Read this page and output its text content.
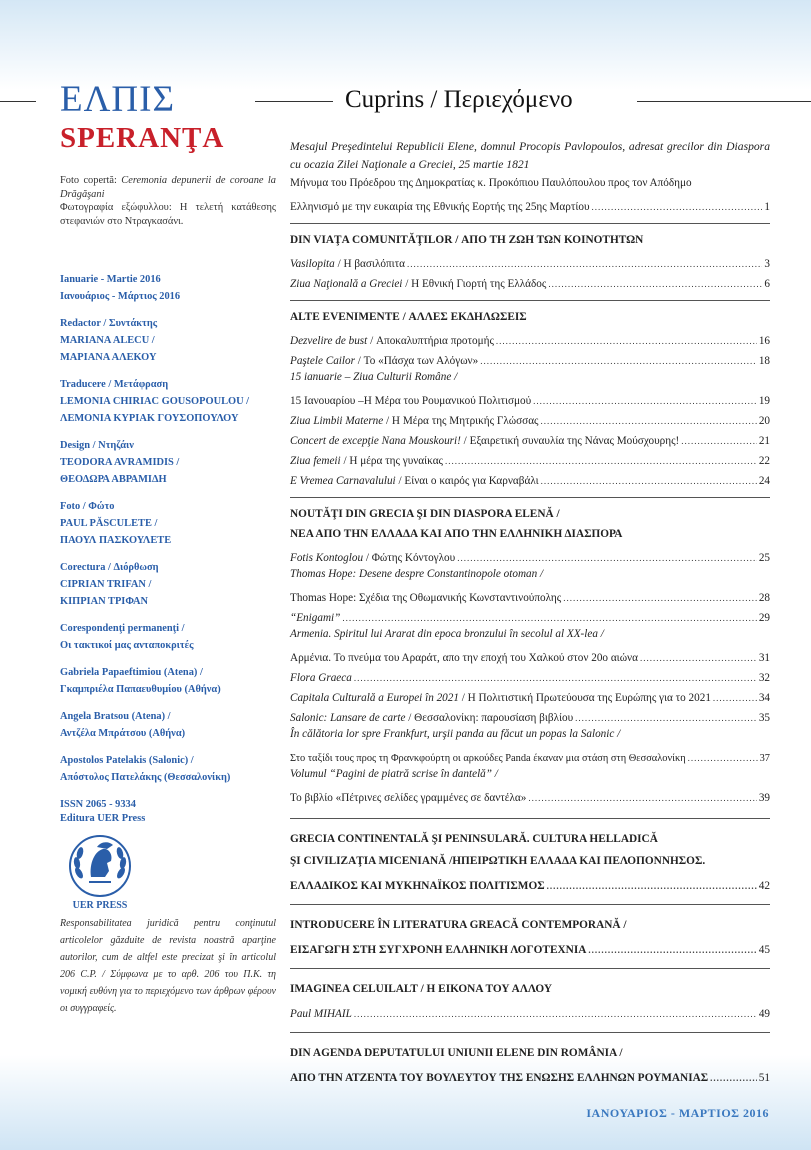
ΕΛΠΙΣ
SPERANŢA
Cuprins / Περιεχόμενο
Foto copertă: Ceremonia depunerii de coroane la Drăgăşani
Φωτογραφία εξώφυλλου: Η τελετή κατάθεσης στεφανιών στο Ντραγκασάνι.
Ianuarie - Martie 2016
Ιανουάριος - Μάρτιος 2016
Redactor / Συντάκτης
MARIANA ALECU /
ΜΑΡΙΑΝΑ ΑΛΕΚΟΥ
Traducere / Μετάφραση
LEMONIA CHIRIAC GOUSOPOULOU /
ΛΕΜΟΝΙΑ ΚΥΡΙΑΚ ΓΟΥΣΟΠΟΥΛΟΥ
Design / Ντηζάιν
TEODORA AVRAMIDIS /
ΘΕΟΔΩΡΑ ΑΒΡΑΜΙΔΗ
Foto / Φώτο
PAUL PĂSCULETE /
ΠΑΟΥΛ ΠΑΣΚΟΥΛΕΤΕ
Corectura / Διόρθωση
CIPRIAN TRIFAN /
ΚΙΠΡΙΑΝ ΤΡΙΦΑΝ
Corespondenţi permanenţi /
Οι τακτικοί μας ανταποκριτές
Gabriela Papaeftimiou (Atena) /
Γκαμπριέλα Παπαευθυμίου (Αθήνα)
Angela Bratsou (Atena) /
Αντζέλα Μπράτσου (Αθήνα)
Apostolos Patelakis (Salonic) /
Απόστολος Πατελάκης (Θεσσαλονίκη)
ISSN 2065 - 9334
Editura UER Press
UER PRESS
Responsabilitatea juridică pentru conţinutul articolelor găzduite de revista noastră aparţine autorilor, cum de altfel este precizat şi în articolul 206 C.P. / Σύμφωνα με το αρθ. 206 του Π.Κ. τη νομική ευθύνη για το περιεχόμενο των άρθρων φέρουν οι συγγραφείς.
Mesajul Preşedintelui Republicii Elene, domnul Procopis Pavlopoulos, adresat grecilor din Diaspora cu ocazia Zilei Naţionale a Greciei, 25 martie 1821
Μήνυμα του Πρόεδρου της Δημοκρατίας κ. Προκόπιου Παυλόπουλου προς τον Απόδημο
Ελληνισμό με την ευκαιρία της Εθνικής Εορτής της 25ης Μαρτίου .....	1
DIN VIAŢA COMUNITĂŢILOR / ΑΠΟ ΤΗ ΖΩΗ ΤΩΝ ΚΟΙΝΟΤΗΤΩΝ
Vasilopita / Η βασιλόπιτα .....	3
Ziua Naţională a Greciei / Η Εθνική Γιορτή της Ελλάδος .....	6
ALTE EVENIMENTE / ΑΛΛΕΣ ΕΚΔΗΛΩΣΕΙΣ
Dezvelire de bust / Αποκαλυπτήρια προτομής .....	16
Paştele Cailor / Το «Πάσχα των Αλόγων» .....	18
15 ianuarie – Ziua Culturii Române /
15 Ιανουαρίου –Η Μέρα του Ρουμανικού Πολιτισμού .....	19
Ziua Limbii Materne / Η Μέρα της Μητρικής Γλώσσας .....	20
Concert de excepţie Nana Mouskouri! / Εξαιρετική συναυλία της Νάνας Μούσχουρης! .....	21
Ziua femeii / Η μέρα της γυναίκας .....	22
E Vremea Carnavalului / Είναι ο καιρός για Καρναβάλι .....	24
NOUTĂŢI DIN GRECIA ŞI DIN DIASPORA ELENĂ /
ΝΕΑ ΑΠΟ ΤΗΝ ΕΛΛΑΔΑ ΚΑΙ ΑΠΟ ΤΗΝ ΕΛΛΗΝΙΚΗ ΔΙΑΣΠΟΡΑ
Fotis Kontoglou / Φώτης Κόντογλου .....	25
Thomas Hope: Desene despre Constantinopole otoman /
Thomas Hope: Σχέδια της Οθωμανικής Κωνσταντινούπολης .....	28
“Enigami” .....	29
Armenia. Spiritul lui Ararat din epoca bronzului în secolul al XX-lea /
Αρμένια. Το πνεύμα του Αραράτ, απο την εποχή του Χαλκού στον 20ο αιώνα .....	31
Flora Graeca .....	32
Capitala Culturală a Europei în 2021 / Η Πολιτιστική Πρωτεύουσα της Ευρώπης για το 2021 .....	34
Salonic: Lansare de carte / Θεσσαλονίκη: παρουσίαση βιβλίου .....	35
În călătoria lor spre Frankfurt, urşii panda au făcut un popas la Salonic /
Στο ταξίδι τους προς τη Φρανκφούρτη οι αρκούδες Panda έκαναν μια στάση στη Θεσσαλονίκη .....	37
Volumul “Pagini de piatră scrise în dantelă” /
Το βιβλίο «Πέτρινες σελίδες γραμμένες σε δαντέλα» .....	39
GRECIA CONTINENTALĂ ŞI PENINSULARĂ. CULTURA HELLADICĂ
ŞI CIVILIZAŢIA MICENIANĂ /ΗΠΕΙΡΩΤΙΚΗ ΕΛΛΑΔΑ ΚΑΙ ΠΕΛΟΠΟΝΝΗΣΟΣ.
ΕΛΛΑΔΙΚΟΣ ΚΑΙ ΜΥΚΗΝΑΪΚΟΣ ΠΟΛΙΤΙΣΜΟΣ .....	42
INTRODUCERE ÎN LITERATURA GREACĂ CONTEMPORANĂ /
ΕΙΣΑΓΩΓΗ ΣΤΗ ΣΥΓΧΡΟΝΗ ΕΛΛΗΝΙΚΗ ΛΟΓΟΤΕΧΝΙΑ .....	45
IMAGINEA CELUILALT / Η ΕΙΚΟΝΑ ΤΟΥ ΑΛΛΟΥ
Paul MIHAIL .....	49
DIN AGENDA DEPUTATULUI UNIUNII ELENE DIN ROMÂNIA /
ΑΠΟ ΤΗΝ ΑΤΖΕΝΤΑ ΤΟΥ ΒΟΥΛΕΥΤΟΥ ΤΗΣ ΕΝΩΣΗΣ ΕΛΛΗΝΩΝ ΡΟΥΜΑΝΙΑΣ .....	51
ΙΑΝΟΥΑΡΙΟΣ - ΜΑΡΤΙΟΣ 2016
